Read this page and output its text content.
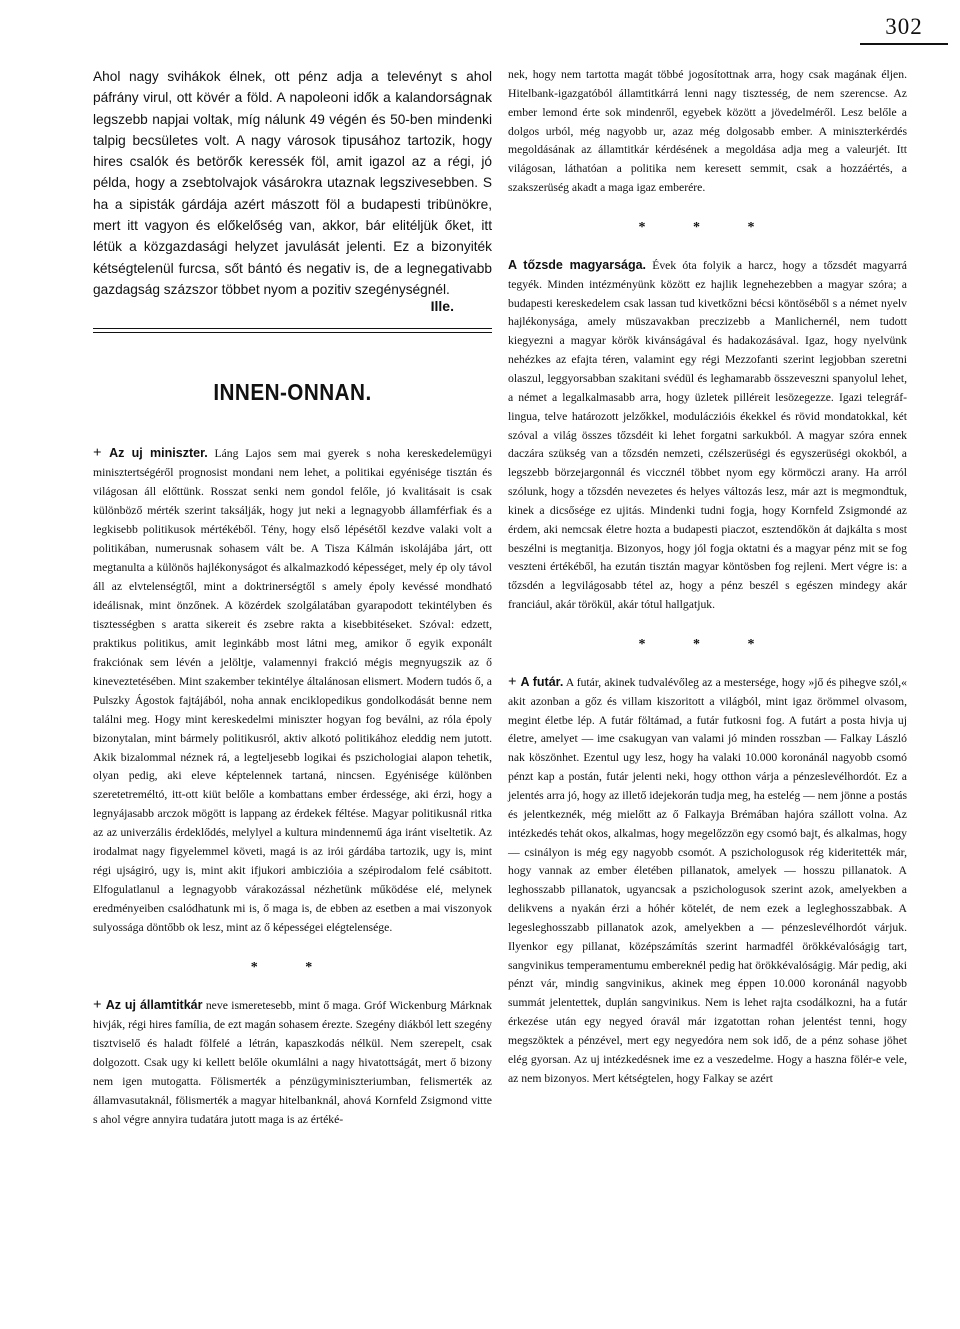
302

Ahol nagy svihákok élnek, ott pénz adja a televényt s ahol páfrány virul, ott kövér a föld. A napoleoni idők a kalandorságnak legszebb napjai voltak, míg nálunk 49 végén és 50-ben mindenki talpig becsületes volt. A nagy városok tipusához tartozik, hogy hires csalók és betörők keressék föl, amit igazol az a régi, jó példa, hogy a zsebtolvajok vásárokra utaznak legszivesebben. S ha a sipisták gárdája azért mászott föl a budapesti tribünökre, mert itt vagyon és előkelőség van, akkor, bár elitéljük őket, itt létük a közgazdasági helyzet javulását jelenti. Ez a bizonyiték kétségtelenül furcsa, sőt bántó és negativ is, de a legnegativabb gazdagság százszor többet nyom a pozitiv szegénységnél.

Ille.
INNEN-ONNAN.

+ Az uj miniszter. Láng Lajos sem mai gyerek s noha kereskedelemügyi minisztertségéről prognosist mondani nem lehet, a politikai egyénisége tisztán és világosan áll előttünk. Rosszat senki nem gondol felőle, jó kvalitásait is csak különböző mérték szerint taksálják, hogy jut neki a legnagyobb államférfiak és a legkisebb politikusok mértékéből. Tény, hogy első lépésétől kezdve valaki volt a politikában, numerusnak sohasem vált be. A Tisza Kálmán iskolájába járt, ott megtanulta a különös hajlékonyságot és alkalmazkodó képességet, mely ép oly távol áll az elvtelenségtől, mint a doktrinerségtől s amely époly kevéssé mondható ideálisnak, mint önzőnek. A közérdek szolgálatában gyarapodott tekintélyben és tisztességben s aratta sikereit és zsebre rakta a kisebbitéseket. Szóval: edzett, praktikus politikus, amit leginkább most látni meg, amikor ő egyik exponált frakciónak sem lévén a jelöltje, valamennyi frakció mégis megnyugszik az ő kineveztetésében. Mint szakember tekintélye általánosan elismert. Modern tudós ő, a Pulszky Ágostok fajtájából, noha annak enciklopedikus gondolkodását benne nem találni meg. Hogy mint kereskedelmi miniszter hogyan fog beválni, az róla époly bizonytalan, mint bármely politikusról, aktiv alkotó politikához eleddig nem jutott. Akik bizalommal néznek rá, a legteljesebb logikai és pszichologiai alapon tehetik, olyan pedig, aki eleve képtelennek tartaná, nincsen. Egyénisége különben szeretetreméltó, itt-ott kiüt belőle a kombattans ember érdessége, aki érzi, hogy a legnyájasabb arczok mögött is lappang az érdekek féltése. Magyar politikusnál ritka az az univerzális érdeklődés, melylyel a kultura mindennemű ága iránt viseltetik. Az irodalmat nagy figyelemmel követi, magá is az irói gárdába tartozik, ugy is, mint régi ujságiró, ugy is, mint akit ifjukori ambiczióia a szépirodalom felé csábitott. Elfogulatlanul a legnagyobb várakozással nézhetünk működése elé, melynek eredményeiben csalódhatunk mi is, ő maga is, de ebben az esetben a mai viszonyok sulyossága döntőbb ok lesz, mint az ő képességei elégtelensége.

* *

+ Az uj államtitkár neve ismeretesebb, mint ő maga. Gróf Wickenburg Márknak hivják, régi hires família, de ezt magán sohasem érezte. Szegény diákból lett szegény tisztviselő és haladt fölfelé a létrán, kapaszkodás nélkül. Nem szerepelt, csak dolgozott. Csak ugy ki kellett belőle okumlálni a nagy hivatottságát, mert ő bizony nem igen mutogatta. Fölismerték a pénzügyminiszteriumban, felismerték az államvasutaknál, fölismerték a magyar hitelbanknál, ahová Kornfeld Zsigmond vitte s ahol végre annyira tudatára jutott maga is az értéké-

nek, hogy nem tartotta magát többé jogosítottnak arra, hogy csak magának éljen. Hitelbank-igazgatóból államtitkárrá lenni nagy tisztesség, de nem szerencse. Az ember lemond érte sok mindenről, egyebek között a jövedelméről. Lesz belőle a dolgos urból, még nagyobb ur, azaz még dolgosabb ember. A miniszterkérdés megoldásának az államtitkár kérdésének a megoldása adja meg a valeurjét. Itt világosan, láthatóan a politika nem keresett semmit, csak a hozzáértés, a szakszerüség akadt a maga igaz emberére.

* * *

A tőzsde magyarsága. Évek óta folyik a harcz, hogy a tőzsdét magyarrá tegyék. Minden intézményünk között ez hajlik legnehezebben a magyar szóra; a budapesti kereskedelem csak lassan tud kivetkőzni bécsi köntöséből s a német nyelv hajlékonysága, amely müszavakban preczizebb a Manlichernél, nem tudott kiegyezni a magyar körök kivánságával és hadakozásával. Igaz, hogy nyelvünk nehézkes az efajta téren, valamint egy régi Mezzofanti szerint legjobban szeretni olaszul, leggyorsabban szakitani svédül és leghamarabb összeveszni spanyolul lehet, a német a legalkalmasabb arra, hogy üzletek pilléreit lesözegezze. Igazi telegráf-lingua, telve határozott jelzőkkel, moduláczióis ékekkel és rövid mondatokkal, két szóval a világ összes tőzsdéit ki lehet forgatni sarkukból. A magyar szóra ennek daczára szükség van a tőzsdén nemzeti, czélszerüségi és egyszerüségi okokból, a legszebb börzejargonnál és viccznél többet nyom egy körmöczi arany. Ha arról szólunk, hogy a tőzsdén nevezetes és helyes változás lesz, már azt is megmondtuk, kinek a dicsősége ez ujitás. Mindenki tudni fogja, hogy Kornfeld Zsigmondé az érdem, aki nemcsak életre hozta a budapesti piaczot, esztendőkön át dajkálta s most beszélni is megtanitja. Bizonyos, hogy jól fogja oktatni és a magyar pénz mit se fog veszteni értékéből, ha ezután tisztán magyar köntösben fog rejleni. Mert végre is: a tőzsdén a legvilágosabb tétel az, hogy a pénz beszél s egészen mindegy akár franciául, akár törökül, akár tótul hallgatjuk.

* * *

+ A futár. A futár, akinek tudvalévőleg az a mestersége, hogy »jő és pihegve szól,« akit azonban a gőz és villam kiszoritott a világból, mint igaz örömmel olvasom, megint életbe lép. A futár föltámad, a futár futkosni fog. A futárt a posta hivja uj életre, amelyet — ime csakugyan van valami jó minden rosszban — Falkay László nak köszönhet. Ezentul ugy lesz, hogy ha valaki 10.000 koronánál nagyobb csomó pénzt kap a postán, futár jelenti neki, hogy otthon várja a pénzeslevélhordót. Ez a jelentés arra jó, hogy az illető idejekorán tudja meg, ha estelég — nem jönne a postás és jelentkeznék, még mielőtt az ő Falkayja Brémában hajóra szállott volna. Az intézkedés tehát okos, alkalmas, hogy megelőzzön egy csomó bajt, és alkalmas, hogy — csinályon is még egy nagyobb csomót. A pszichologusok rég kideritették már, hogy vannak az ember életében pillanatok, amelyek — hosszu pillanatok. A leghosszabb pillanatok, ugyancsak a pszichologusok szerint azok, amelyekben a delikvens a nyakán érzi a hóhér kötelét, de nem ezek a legleghosszabbak. A legesleghosszabb pillanatok azok, amelyekben a — pénzeslevélhordót várjuk. Ilyenkor egy pillanat, középszámítás szerint harmadfél örökkévalóságig tart, sangvinikus temperamentumu embereknél pedig hat örökkévalóságig. Már pedig, aki pénzt vár, mindig sangvinikus, akinek meg éppen 10.000 koronánál nagyobb summát jelentettek, duplán sangvinikus. Nem is lehet rajta csodálkozni, ha a futár érkezése után egy negyed óravál már izgatottan rohan jelentést tenni, hogy megszöktek a pénzével, mert egy negyedóra nem sok idő, de a pénz sohase jöhet elég gyorsan. Az uj intézkedésnek ime ez a veszedelme. Hogy a haszna fölér-e vele, az nem bizonyos. Mert kétségtelen, hogy Falkay se azért
